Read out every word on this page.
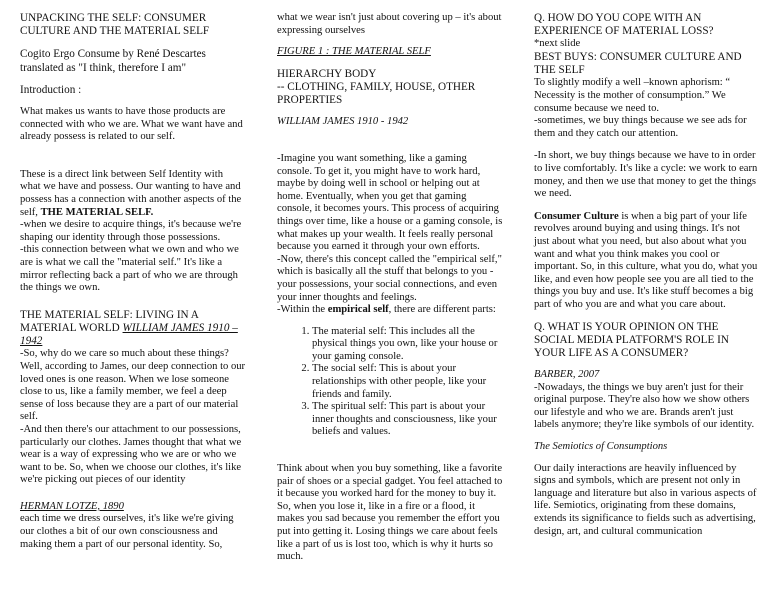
UNPACKING THE SELF: CONSUMER CULTURE AND THE MATERIAL SELF

Cogito Ergo Consume by René Descartes translated as "I think, therefore I am"

Introduction :

What makes us wants to have those products are connected with who we are. What we want have and already possess is related to our self.

These is a direct link between Self Identity with what we have and possess. Our wanting to have and possess has a connection with another aspects of the self, THE MATERIAL SELF.

-when we desire to acquire things, it's because we're shaping our identity through those possessions.

-this connection between what we own and who we are is what we call the "material self." It's like a mirror reflecting back a part of who we are through the things we own.

THE MATERIAL SELF: LIVING IN A MATERIAL WORLD WILLIAM JAMES 1910 – 1942

-So, why do we care so much about these things? Well, according to James, our deep connection to our loved ones is one reason. When we lose someone close to us, like a family member, we feel a deep sense of loss because they are a part of our material self.

-And then there's our attachment to our possessions, particularly our clothes. James thought that what we wear is a way of expressing who we are or who we want to be. So, when we choose our clothes, it's like we're picking out pieces of our identity

HERMAN LOTZE, 1890

each time we dress ourselves, it's like we're giving our clothes a bit of our own consciousness and making them a part of our personal identity. So,

what we wear isn't just about covering up – it's about expressing ourselves

FIGURE 1 : THE MATERIAL SELF

HIERARCHY BODY

-- CLOTHING, FAMILY, HOUSE, OTHER PROPERTIES

WILLIAM JAMES 1910 - 1942

-Imagine you want something, like a gaming console. To get it, you might have to work hard, maybe by doing well in school or helping out at home. Eventually, when you get that gaming console, it becomes yours. This process of acquiring things over time, like a house or a gaming console, is what makes up your wealth. It feels really personal because you earned it through your own efforts.

-Now, there's this concept called the "empirical self," which is basically all the stuff that belongs to you - your possessions, your social connections, and even your inner thoughts and feelings.

-Within the empirical self, there are different parts:

1. The material self: This includes all the physical things you own, like your house or your gaming console.
2. The social self: This is about your relationships with other people, like your friends and family.
3. The spiritual self: This part is about your inner thoughts and consciousness, like your beliefs and values.

Think about when you buy something, like a favorite pair of shoes or a special gadget. You feel attached to it because you worked hard for the money to buy it. So, when you lose it, like in a fire or a flood, it makes you sad because you remember the effort you put into getting it. Losing things we care about feels like a part of us is lost too, which is why it hurts so much.

Q. HOW DO YOU COPE WITH AN EXPERIENCE OF MATERIAL LOSS?

*next slide

BEST BUYS: CONSUMER CULTURE AND THE SELF

To slightly modify a well –known aphorism: “ Necessity is the mother of consumption.” We consume because we need to.

-sometimes, we buy things because we see ads for them and they catch our attention.

-In short, we buy things because we have to in order to live comfortably. It's like a cycle: we work to earn money, and then we use that money to get the things we need.

Consumer Culture is when a big part of your life revolves around buying and using things. It's not just about what you need, but also about what you want and what you think makes you cool or important. So, in this culture, what you do, what you like, and even how people see you are all tied to the things you buy and use. It's like stuff becomes a big part of who you are and what you care about.

Q. WHAT IS YOUR OPINION ON THE SOCIAL MEDIA PLATFORM'S ROLE IN YOUR LIFE AS A CONSUMER?

BARBER, 2007

-Nowadays, the things we buy aren't just for their original purpose. They're also how we show others our lifestyle and who we are. Brands aren't just labels anymore; they're like symbols of our identity.

The Semiotics of Consumptions

Our daily interactions are heavily influenced by signs and symbols, which are present not only in language and literature but also in various aspects of life. Semiotics, originating from these domains, extends its significance to fields such as advertising, design, art, and cultural communication
